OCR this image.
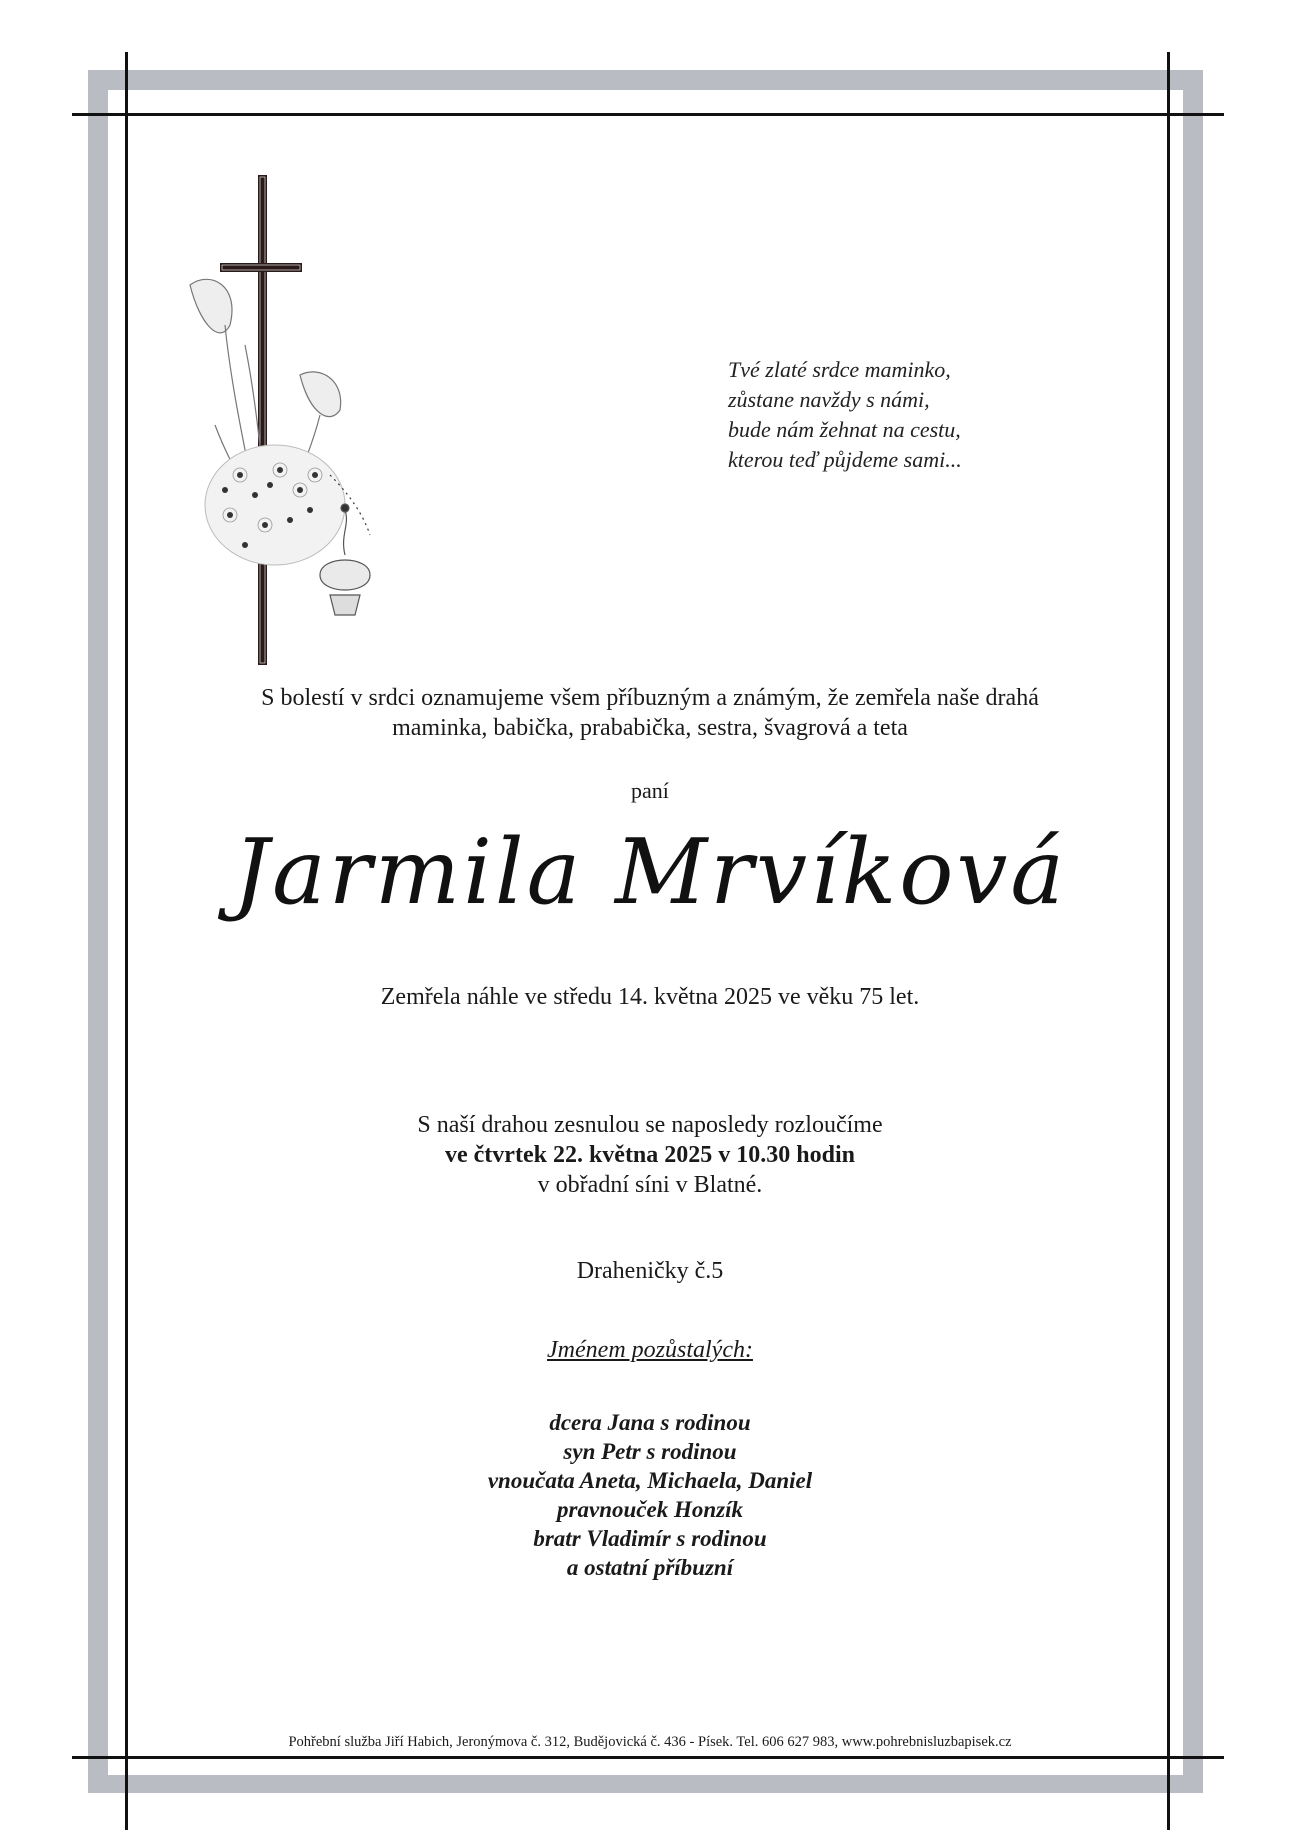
Tvé zlaté srdce maminko,
zůstane navždy s námi,
bude nám žehnat na cestu,
kterou teď půjdeme sami...
S bolestí v srdci oznamujeme všem příbuzným a známým, že zemřela naše drahá
maminka, babička, prababička, sestra, švagrová a teta
paní
Jarmila Mrvíková
Zemřela náhle ve středu 14. května 2025 ve věku 75 let.
S naší drahou zesnulou se naposledy rozloučíme
ve čtvrtek 22. května 2025 v 10.30 hodin
v obřadní síni v Blatné.
Draheničky č.5
Jménem pozůstalých:
dcera Jana s rodinou
syn Petr s rodinou
vnoučata Aneta, Michaela, Daniel
pravnouček Honzík
bratr Vladimír s rodinou
a ostatní příbuzní
Pohřební služba Jiří Habich, Jeronýmova č. 312, Budějovická č. 436 - Písek. Tel. 606 627 983, www.pohrebnisluzbapisek.cz
